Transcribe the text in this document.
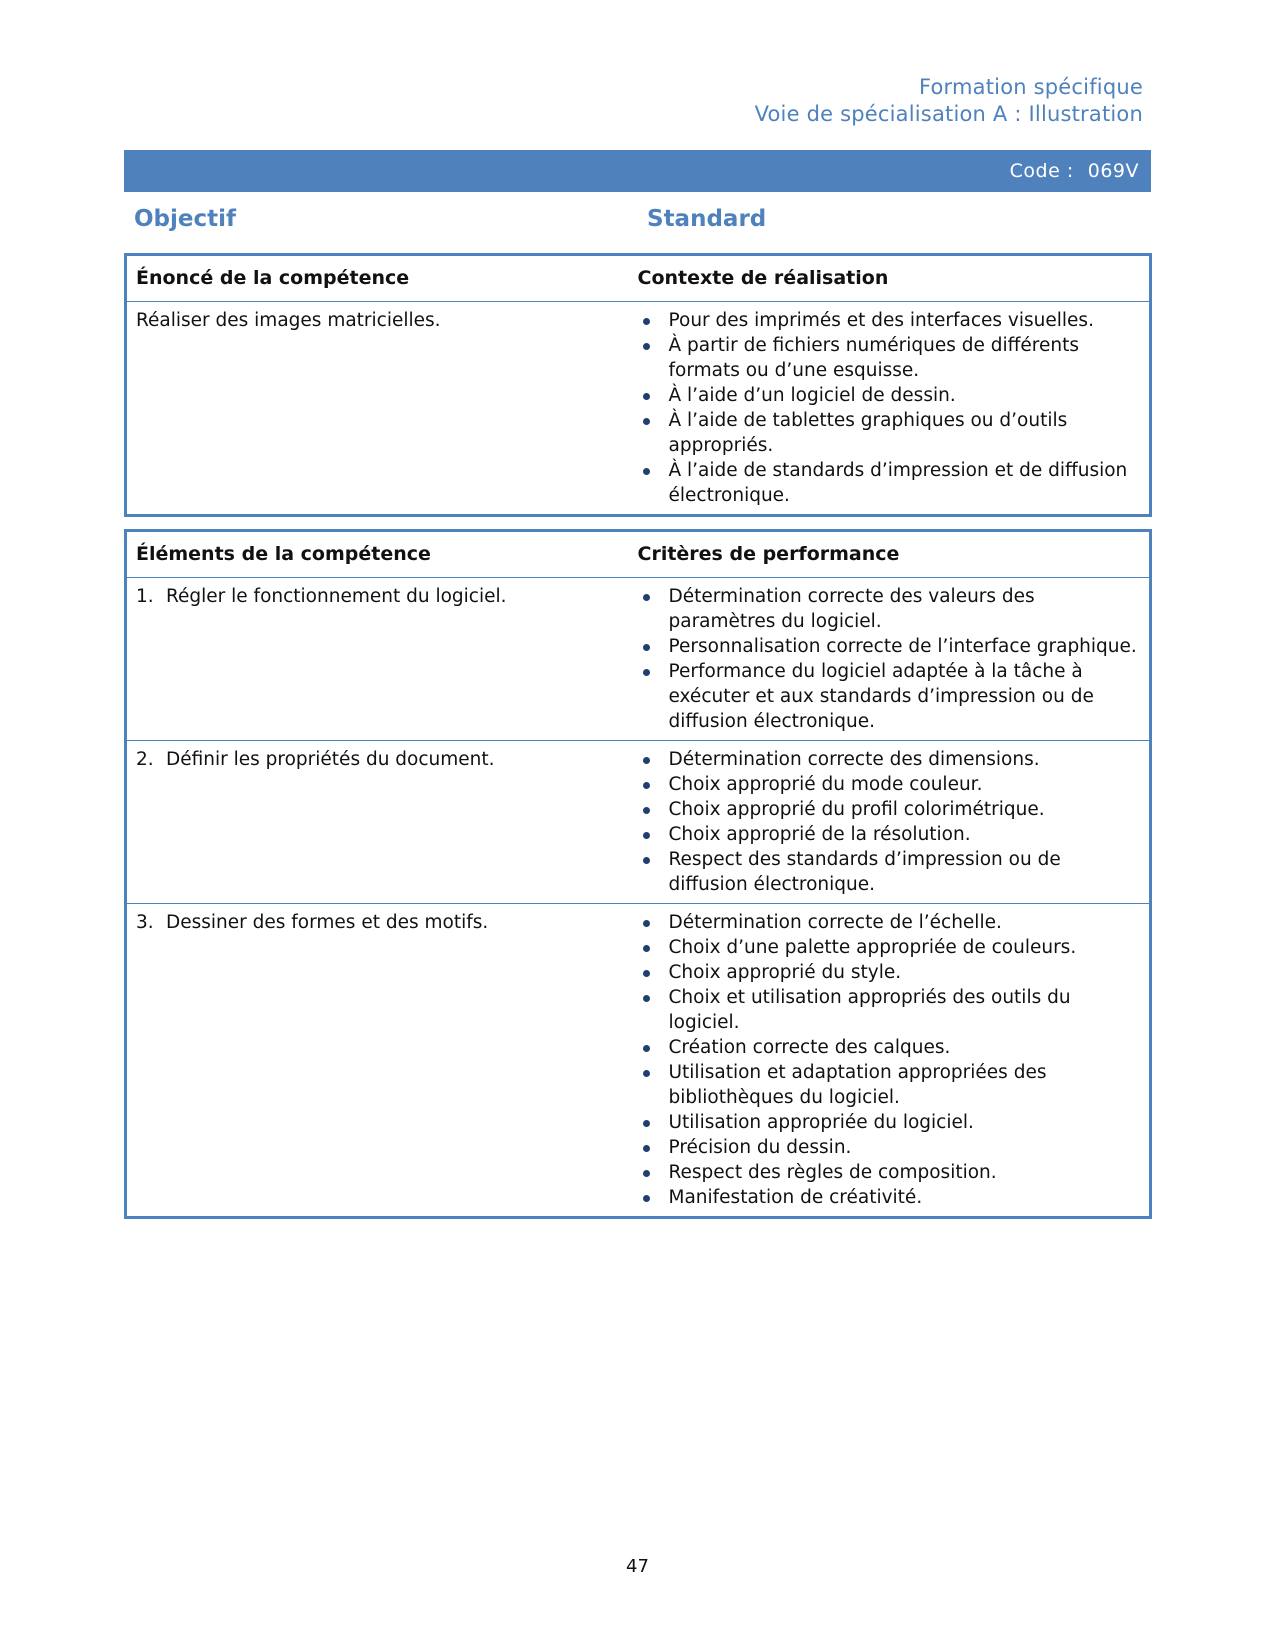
Formation spécifique
Voie de spécialisation A : Illustration
Code : 069V
Objectif	Standard
Énoncé de la compétence	Contexte de réalisation
Réaliser des images matricielles.	Pour des imprimés et des interfaces visuelles.
À partir de fichiers numériques de différents formats ou d’une esquisse.
À l’aide d’un logiciel de dessin.
À l’aide de tablettes graphiques ou d’outils appropriés.
À l’aide de standards d’impression et de diffusion électronique.
Éléments de la compétence	Critères de performance
1. Régler le fonctionnement du logiciel.	Détermination correcte des valeurs des paramètres du logiciel.
Personnalisation correcte de l’interface graphique.
Performance du logiciel adaptée à la tâche à exécuter et aux standards d’impression ou de diffusion électronique.

2. Définir les propriétés du document.	Détermination correcte des dimensions.
Choix approprié du mode couleur.
Choix approprié du profil colorimétrique.
Choix approprié de la résolution.
Respect des standards d’impression ou de diffusion électronique.

3. Dessiner des formes et des motifs.	Détermination correcte de l’échelle.
Choix d’une palette appropriée de couleurs.
Choix approprié du style.
Choix et utilisation appropriés des outils du logiciel.
Création correcte des calques.
Utilisation et adaptation appropriées des bibliothèques du logiciel.
Utilisation appropriée du logiciel.
Précision du dessin.
Respect des règles de composition.
Manifestation de créativité.
47
